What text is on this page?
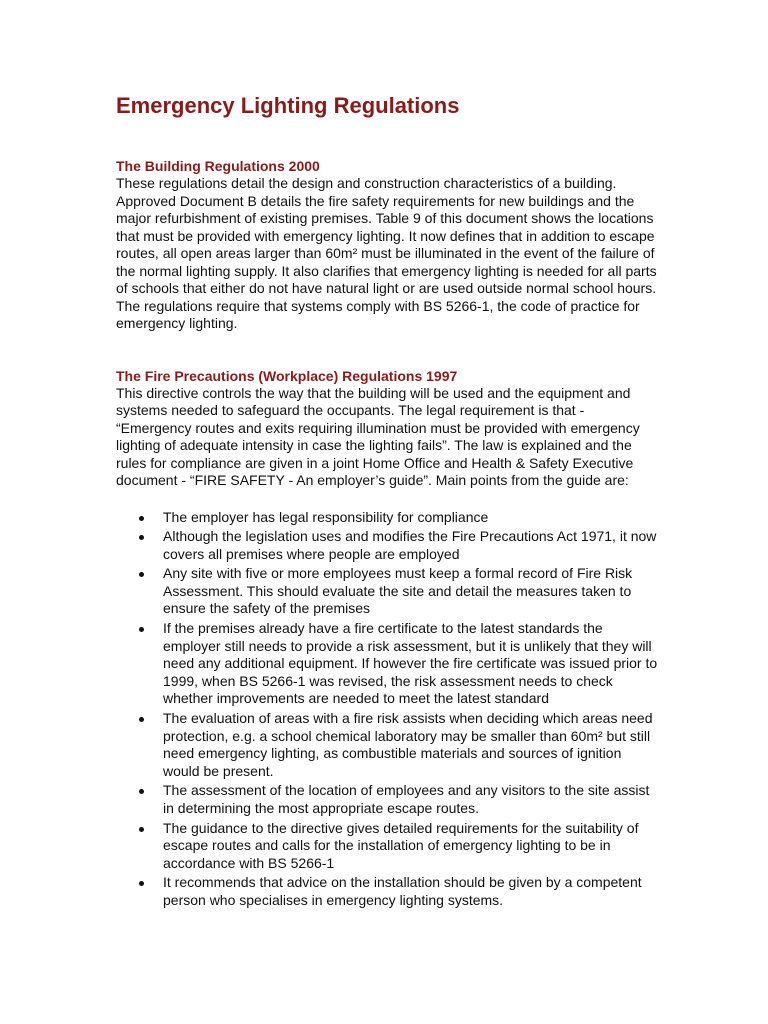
Emergency Lighting Regulations
The Building Regulations 2000

These regulations detail the design and construction characteristics of a building. Approved Document B details the fire safety requirements for new buildings and the major refurbishment of existing premises. Table 9 of this document shows the locations that must be provided with emergency lighting. It now defines that in addition to escape routes, all open areas larger than 60m² must be illuminated in the event of the failure of the normal lighting supply. It also clarifies that emergency lighting is needed for all parts of schools that either do not have natural light or are used outside normal school hours. The regulations require that systems comply with BS 5266-1, the code of practice for emergency lighting.

The Fire Precautions (Workplace) Regulations 1997

This directive controls the way that the building will be used and the equipment and systems needed to safeguard the occupants. The legal requirement is that - “Emergency routes and exits requiring illumination must be provided with emergency lighting of adequate intensity in case the lighting fails”. The law is explained and the rules for compliance are given in a joint Home Office and Health & Safety Executive document - “FIRE SAFETY - An employer’s guide”. Main points from the guide are:

The employer has legal responsibility for compliance
Although the legislation uses and modifies the Fire Precautions Act 1971, it now covers all premises where people are employed
Any site with five or more employees must keep a formal record of Fire Risk Assessment. This should evaluate the site and detail the measures taken to ensure the safety of the premises
If the premises already have a fire certificate to the latest standards the employer still needs to provide a risk assessment, but it is unlikely that they will need any additional equipment. If however the fire certificate was issued prior to 1999, when BS 5266-1 was revised, the risk assessment needs to check whether improvements are needed to meet the latest standard
The evaluation of areas with a fire risk assists when deciding which areas need protection, e.g. a school chemical laboratory may be smaller than 60m² but still need emergency lighting, as combustible materials and sources of ignition would be present.
The assessment of the location of employees and any visitors to the site assist in determining the most appropriate escape routes.
The guidance to the directive gives detailed requirements for the suitability of escape routes and calls for the installation of emergency lighting to be in accordance with BS 5266-1
It recommends that advice on the installation should be given by a competent person who specialises in emergency lighting systems.
